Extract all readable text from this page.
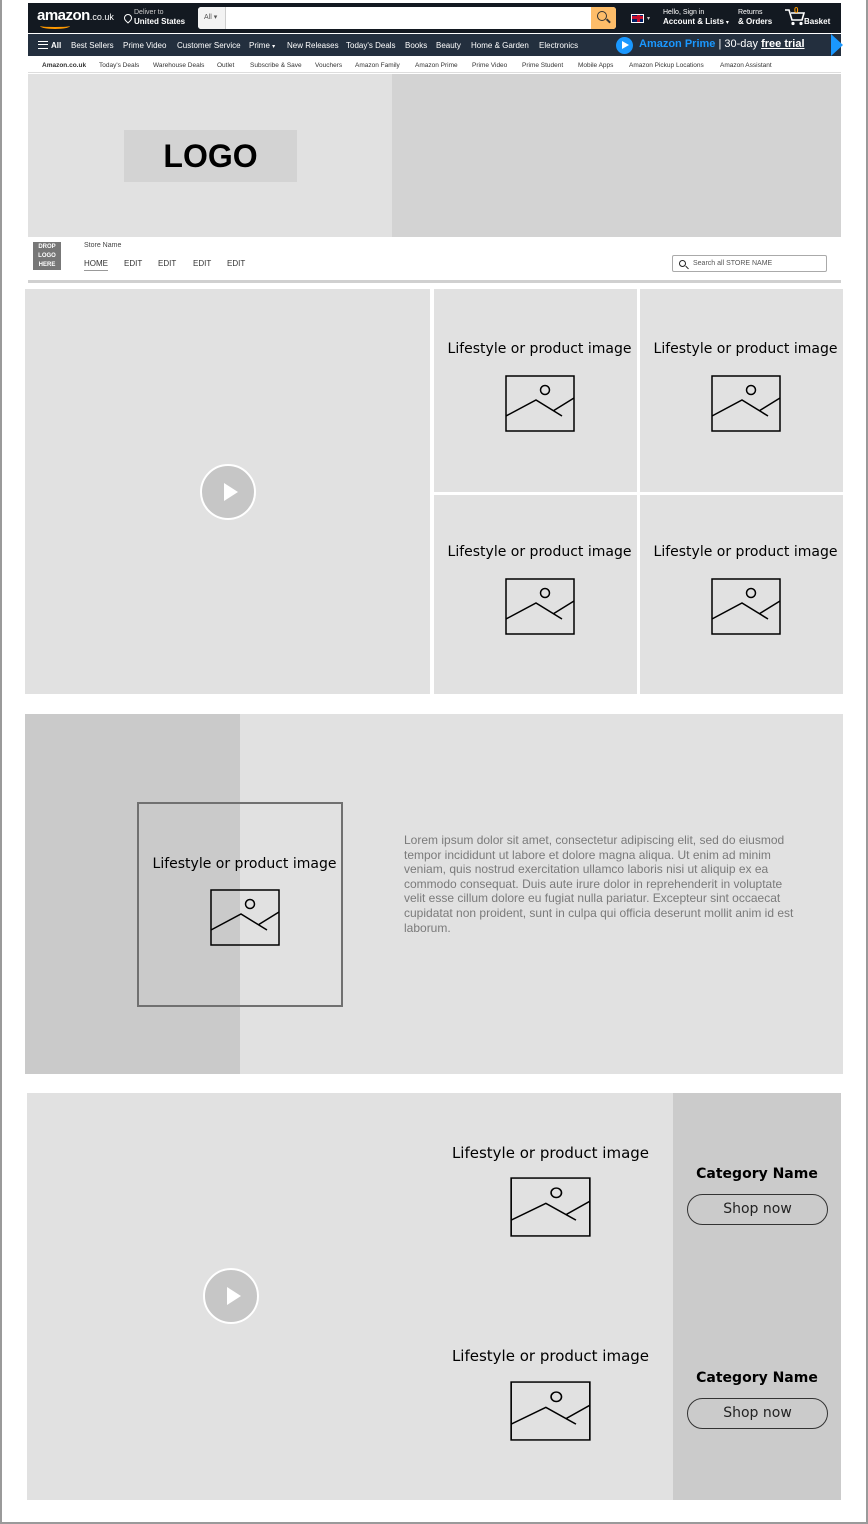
amazon.co.uk	Deliver to
United States	All ▾	▾
Hello, Sign in
Account & Lists ▾
Returns
& Orders
0
Basket
All Best Sellers Prime Video Customer Service Prime ▾ New Releases Today's Deals Books Beauty Home & Garden Electronics	Amazon Prime | 30-day free trial
Amazon.co.uk Today's Deals Warehouse Deals Outlet Subscribe & Save Vouchers Amazon Family Amazon Prime Prime Video Prime Student Mobile Apps Amazon Pickup Locations Amazon Assistant
LOGO
DROP
LOGO
HERE
Store Name
HOME EDIT EDIT EDIT EDIT	Search all STORE NAME
Lifestyle or product image	Lifestyle or product image
Lifestyle or product image	Lifestyle or product image
Lifestyle or product image
Lorem ipsum dolor sit amet, consectetur adipiscing elit, sed do eiusmod tempor incididunt ut labore et dolore magna aliqua. Ut enim ad minim veniam, quis nostrud exercitation ullamco laboris nisi ut aliquip ex ea commodo consequat. Duis aute irure dolor in reprehenderit in voluptate velit esse cillum dolore eu fugiat nulla pariatur. Excepteur sint occaecat cupidatat non proident, sunt in culpa qui officia deserunt mollit anim id est laborum.
Lifestyle or product image
Lifestyle or product image
Category Name
Shop now
Category Name
Shop now
